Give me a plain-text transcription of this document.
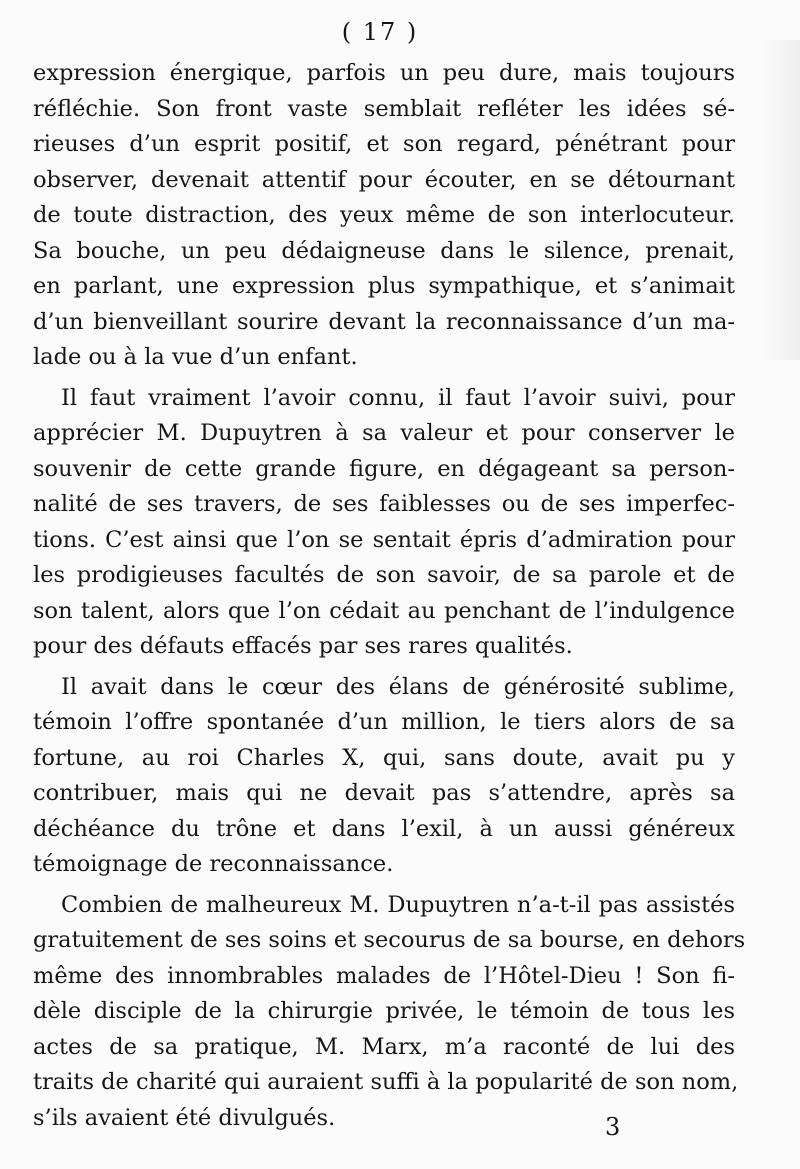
( 17 )
expression énergique, parfois un peu dure, mais toujours
réfléchie. Son front vaste semblait refléter les idées sé-
rieuses d’un esprit positif, et son regard, pénétrant pour
observer, devenait attentif pour écouter, en se détournant
de toute distraction, des yeux même de son interlocuteur.
Sa bouche, un peu dédaigneuse dans le silence, prenait,
en parlant, une expression plus sympathique, et s’animait
d’un bienveillant sourire devant la reconnaissance d’un ma-
lade ou à la vue d’un enfant.
Il faut vraiment l’avoir connu, il faut l’avoir suivi, pour
apprécier M. Dupuytren à sa valeur et pour conserver le
souvenir de cette grande figure, en dégageant sa person-
nalité de ses travers, de ses faiblesses ou de ses imperfec-
tions. C’est ainsi que l’on se sentait épris d’admiration pour
les prodigieuses facultés de son savoir, de sa parole et de
son talent, alors que l’on cédait au penchant de l’indulgence
pour des défauts effacés par ses rares qualités.
Il avait dans le cœur des élans de générosité sublime,
témoin l’offre spontanée d’un million, le tiers alors de sa
fortune, au roi Charles X, qui, sans doute, avait pu y
contribuer, mais qui ne devait pas s’attendre, après sa
déchéance du trône et dans l’exil, à un aussi généreux
témoignage de reconnaissance.
Combien de malheureux M. Dupuytren n’a-t-il pas assistés
gratuitement de ses soins et secourus de sa bourse, en dehors
même des innombrables malades de l’Hôtel-Dieu ! Son fi-
dèle disciple de la chirurgie privée, le témoin de tous les
actes de sa pratique, M. Marx, m’a raconté de lui des
traits de charité qui auraient suffi à la popularité de son nom,
s’ils avaient été divulgués.	3
